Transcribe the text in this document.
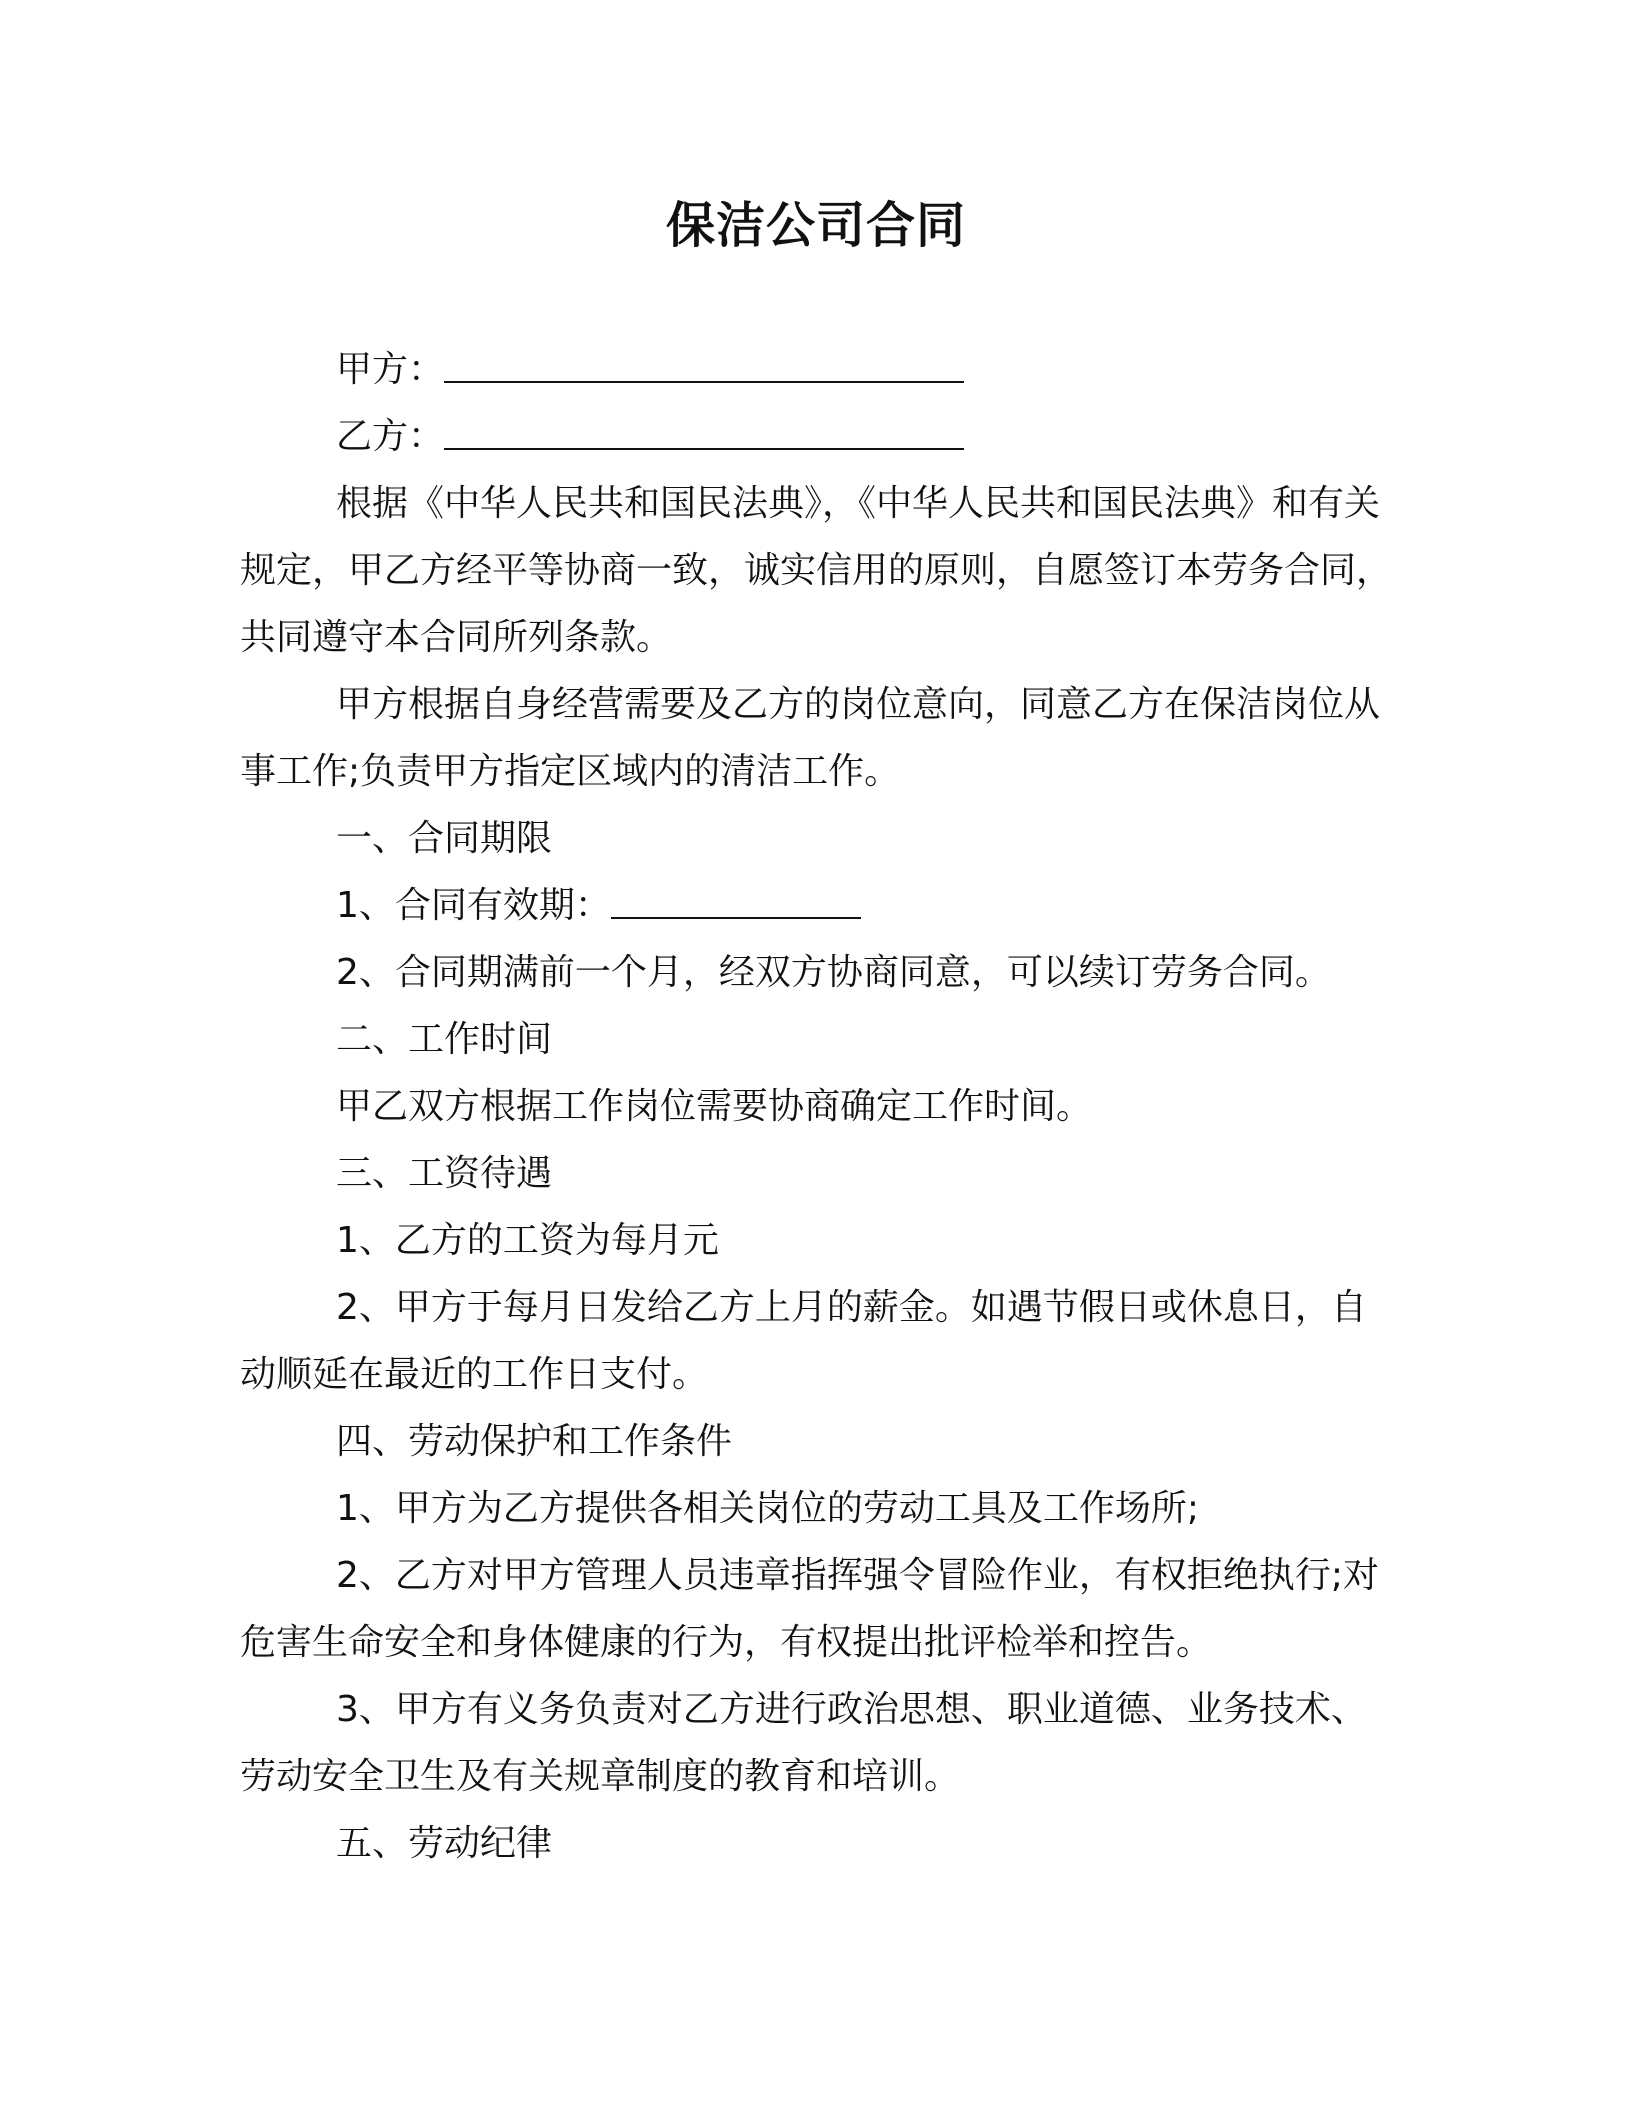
保洁公司合同

甲方：

乙方：

根据《中华人民共和国民法典》，《中华人民共和国民法典》和有关规定，甲乙方经平等协商一致，诚实信用的原则，自愿签订本劳务合同，共同遵守本合同所列条款。

甲方根据自身经营需要及乙方的岗位意向，同意乙方在保洁岗位从事工作;负责甲方指定区域内的清洁工作。

一、合同期限

1、合同有效期：

2、合同期满前一个月，经双方协商同意，可以续订劳务合同。

二、工作时间

甲乙双方根据工作岗位需要协商确定工作时间。

三、工资待遇

1、乙方的工资为每月元

2、甲方于每月日发给乙方上月的薪金。如遇节假日或休息日，自动顺延在最近的工作日支付。

四、劳动保护和工作条件

1、甲方为乙方提供各相关岗位的劳动工具及工作场所;

2、乙方对甲方管理人员违章指挥强令冒险作业，有权拒绝执行;对危害生命安全和身体健康的行为，有权提出批评检举和控告。

3、甲方有义务负责对乙方进行政治思想、职业道德、业务技术、劳动安全卫生及有关规章制度的教育和培训。

五、劳动纪律
